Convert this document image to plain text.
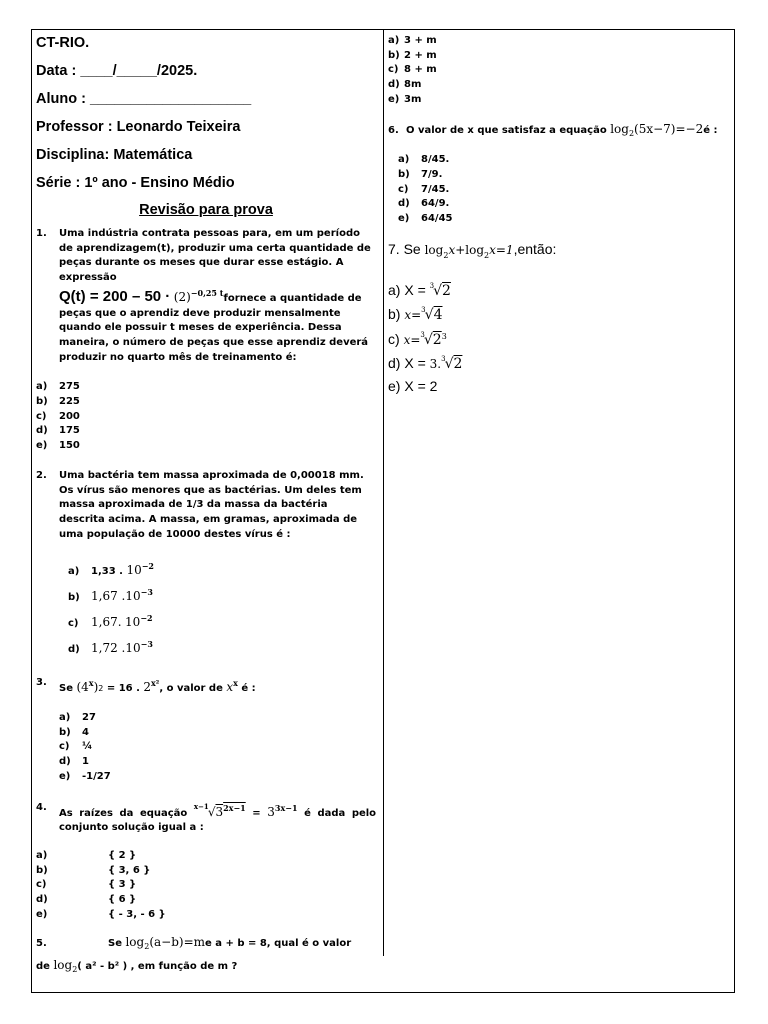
CT-RIO.
Data : ____/_____/2025.
Aluno : ____________________
Professor : Leonardo Teixeira
Disciplina: Matemática
Série : 1º ano - Ensino Médio
Revisão para prova
1.	Uma indústria contrata pessoas para, em um período de aprendizagem(t), produzir uma certa quantidade de peças durante os meses que durar esse estágio. A expressão
$Q(t) = 200 - 50 \cdot (2)^{-0,25 t}fornece$ a quantidade de peças que o aprendiz deve produzir mensalmente quando ele possuir t meses de experiência. Dessa maneira, o número de peças que esse aprendiz deverá produzir no quarto mês de treinamento é:
a) 275
b) 225
c) 200
d) 175
e) 150
2.	Uma bactéria tem massa aproximada de 0,00018 mm. Os vírus são menores que as bactérias. Um deles tem massa aproximada de 1/3 da massa da bactéria descrita acima. A massa, em gramas, aproximada de uma população de 10000 destes vírus é :
a) 1,33 . $10^{-2}$
b) 1,67 $.10^{-3}$
c) 1,67. $10^{-2}$
d) 1,72 $.10^{-3}$
3.
Se $(4^x)2 = 16$ . $2^{x^2}$, o valor de $x^x$ é :
a) 27
b) 4
c) ¼
d) 1
e) -1/27
4.
As raízes da equação $^{x-1}√3^{2x-1} = 3^{3x-1}$ é dada pelo conjunto solução igual a :
a)	{ 2 }
b)	{ 3, 6 }
c)	{ 3 }
d)	{ 6 }
e)	{ - 3, - 6 }
5.	Se $\log_2(a-b)=me$ a + b = 8, qual é o valor
de $\log_2$( a² - b² ) , em função de m ?
a) 3 + m
b) 2 + m
c) 8 + m
d) 8m
e) 3m
6. O valor de x que satisfaz a equação $\log_2(5x-7)=-2é$ :
a) 8/45.
b) 7/9.
c) 7/45.
d) 64/9.
e) 64/45
7. Se $\log_2x+\log_2x=1,então$:
a) X = $^3$√2
b) x=$^3$√4
c) $x=^3√2^3$
d) X = 3.$^3$√2
e) X = 2
